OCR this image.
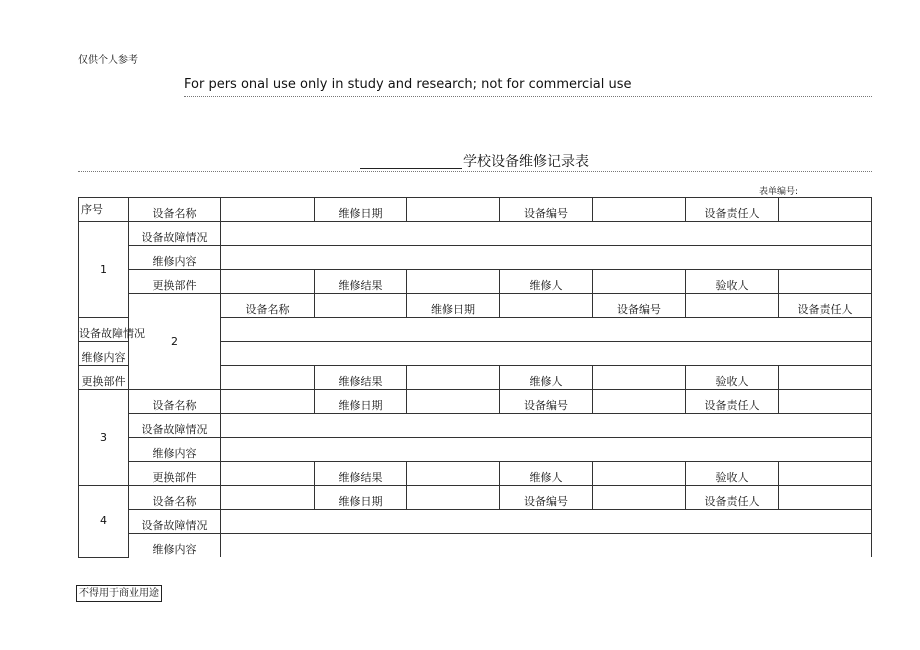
仅供个人参考
For pers onal use only in study and research; not for commercial use
学校设备维修记录表
表单编号:
序号	设备名称		维修日期		设备编号		设备责任人		
1	设备故障情况								
	维修内容								
	更换部件		维修结果		维修人		验收人		
	2	设备名称		维修日期		设备编号		设备责任人	
设备故障情况									
维修内容									
更换部件			维修结果		维修人		验收人		
3	设备名称		维修日期		设备编号		设备责任人		
	设备故障情况								
	维修内容								
	更换部件		维修结果		维修人		验收人		
4	设备名称		维修日期		设备编号		设备责任人		
	设备故障情况								
	维修内容								
不得用于商业用途
